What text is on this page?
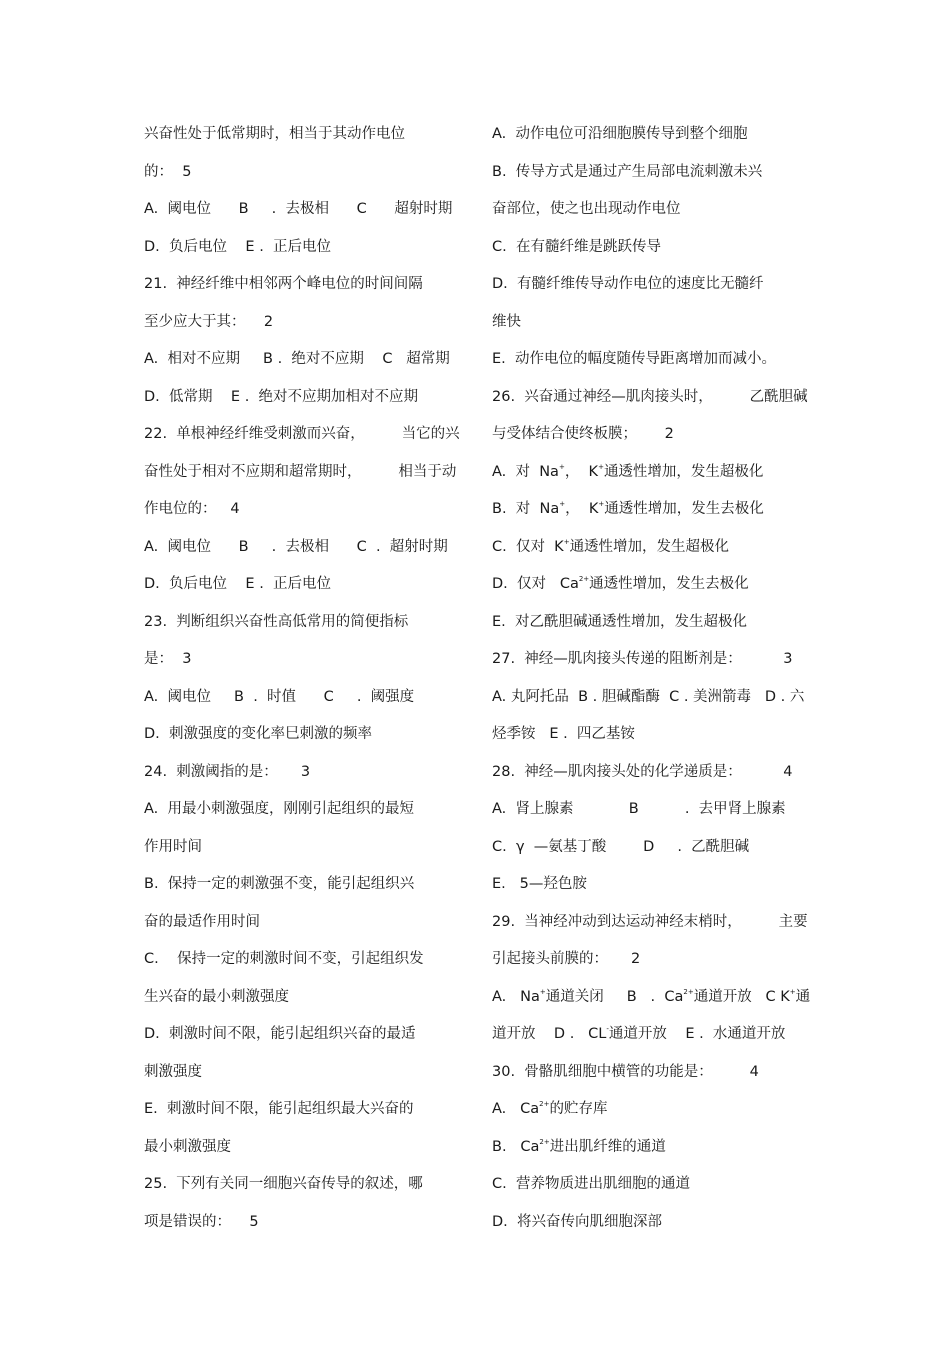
兴奋性处于低常期时，相当于其动作电位
的：  5
A.  阈电位      B     .  去极相      C      超射时期
D.  负后电位    E .  正后电位
21.  神经纤维中相邻两个峰电位的时间间隔
至少应大于其：    2
A.  相对不应期     B .  绝对不应期    C   超常期
D.  低常期    E .  绝对不应期加相对不应期
22.  单根神经纤维受刺激而兴奋，        当它的兴
奋性处于相对不应期和超常期时，        相当于动
作电位的：   4
A.  阈电位      B     .  去极相      C  .  超射时期
D.  负后电位    E .  正后电位
23.  判断组织兴奋性高低常用的简便指标
是：  3
A.  阈电位     B  .  时值      C     .  阈强度
D.  刺激强度的变化率巳刺激的频率
24.  刺激阈指的是：     3
A.  用最小刺激强度，刚刚引起组织的最短
作用时间
B.  保持一定的刺激强不变，能引起组织兴
奋的最适作用时间
C.    保持一定的刺激时间不变，引起组织发
生兴奋的最小刺激强度
D.  刺激时间不限，能引起组织兴奋的最适
刺激强度
E.  刺激时间不限，能引起组织最大兴奋的
最小刺激强度
25.  下列有关同一细胞兴奋传导的叙述，哪
项是错误的：    5
A.  动作电位可沿细胞膜传导到整个细胞
B.  传导方式是通过产生局部电流刺激未兴
奋部位，使之也出现动作电位
C.  在有髓纤维是跳跃传导
D.  有髓纤维传导动作电位的速度比无髓纤
维快
E.  动作电位的幅度随传导距离增加而减小。
26.  兴奋通过神经—肌肉接头时，        乙酰胆碱
与受体结合使终板膜；      2
A.  对  Na+，  K+通透性增加，发生超极化
B.  对  Na+，  K+通透性增加，发生去极化
C.  仅对  K+通透性增加，发生超极化
D.  仅对   $Ca^{2+}$通透性增加，发生去极化
E.  对乙酰胆碱通透性增加，发生超极化
27.  神经—肌肉接头传递的阻断剂是：         3
A. 丸阿托品  B . 胆碱酯酶  C . 美洲箭毒   D . 六
烃季铵   E .  四乙基铵
28.  神经—肌肉接头处的化学递质是：         4
A.  肾上腺素            B          .  去甲肾上腺素
C.  γ  —氨基丁酸        D     .  乙酰胆碱
E.   5—羟色胺
29.  当神经冲动到达运动神经末梢时，        主要
引起接头前膜的：     2
A.   Na+通道关闭     B   .  $Ca^{2+}$通道开放   C K+通
道开放    D .   CL-通道开放    E .  水通道开放
30.  骨骼肌细胞中横管的功能是：        4
A.   $Ca^{2+}$的贮存库
B.   $Ca^{2+}$进出肌纤维的通道
C.  营养物质进出肌细胞的通道
D.  将兴奋传向肌细胞深部
